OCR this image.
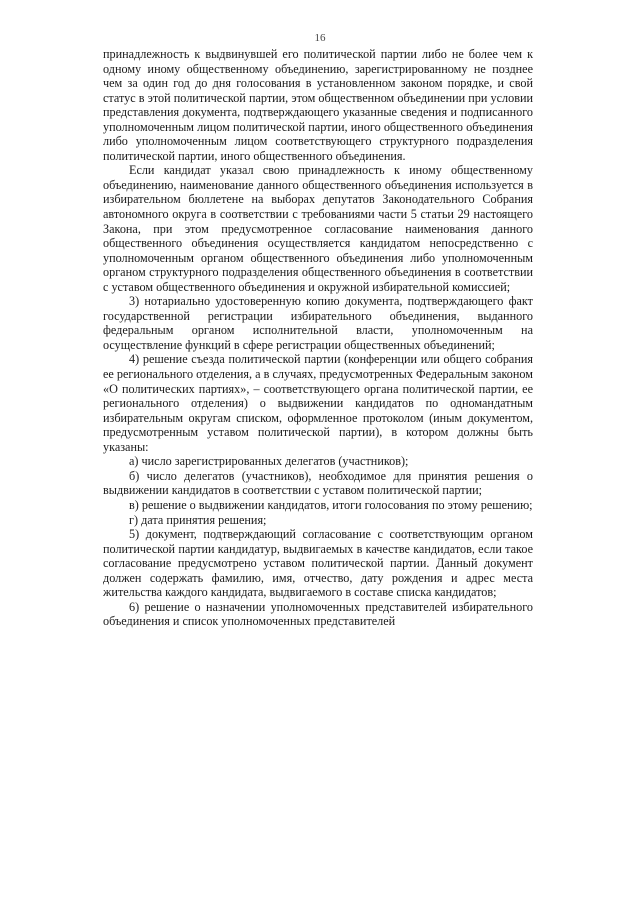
16

принадлежность к выдвинувшей его политической партии либо не более чем к одному иному общественному объединению, зарегистрированному не позднее чем за один год до дня голосования в установленном законом порядке, и свой статус в этой политической партии, этом общественном объединении при условии представления документа, подтверждающего указанные сведения и подписанного уполномоченным лицом политической партии, иного общественного объединения либо уполномоченным лицом соответствующего структурного подразделения политической партии, иного общественного объединения.

Если кандидат указал свою принадлежность к иному общественному объединению, наименование данного общественного объединения используется в избирательном бюллетене на выборах депутатов Законодательного Собрания автономного округа в соответствии с требованиями части 5 статьи 29 настоящего Закона, при этом предусмотренное согласование наименования данного общественного объединения осуществляется кандидатом непосредственно с уполномоченным органом общественного объединения либо уполномоченным органом структурного подразделения общественного объединения в соответствии с уставом общественного объединения и окружной избирательной комиссией;

3) нотариально удостоверенную копию документа, подтверждающего факт государственной регистрации избирательного объединения, выданного федеральным органом исполнительной власти, уполномоченным на осуществление функций в сфере регистрации общественных объединений;

4) решение съезда политической партии (конференции или общего собрания ее регионального отделения, а в случаях, предусмотренных Федеральным законом «О политических партиях», – соответствующего органа политической партии, ее регионального отделения) о выдвижении кандидатов по одномандатным избирательным округам списком, оформленное протоколом (иным документом, предусмотренным уставом политической партии), в котором должны быть указаны:

а) число зарегистрированных делегатов (участников);

б) число делегатов (участников), необходимое для принятия решения о выдвижении кандидатов в соответствии с уставом политической партии;

в) решение о выдвижении кандидатов, итоги голосования по этому решению;

г) дата принятия решения;

5) документ, подтверждающий согласование с соответствующим органом политической партии кандидатур, выдвигаемых в качестве кандидатов, если такое согласование предусмотрено уставом политической партии. Данный документ должен содержать фамилию, имя, отчество, дату рождения и адрес места жительства каждого кандидата, выдвигаемого в составе списка кандидатов;

6) решение о назначении уполномоченных представителей избирательного объединения и список уполномоченных представителей
